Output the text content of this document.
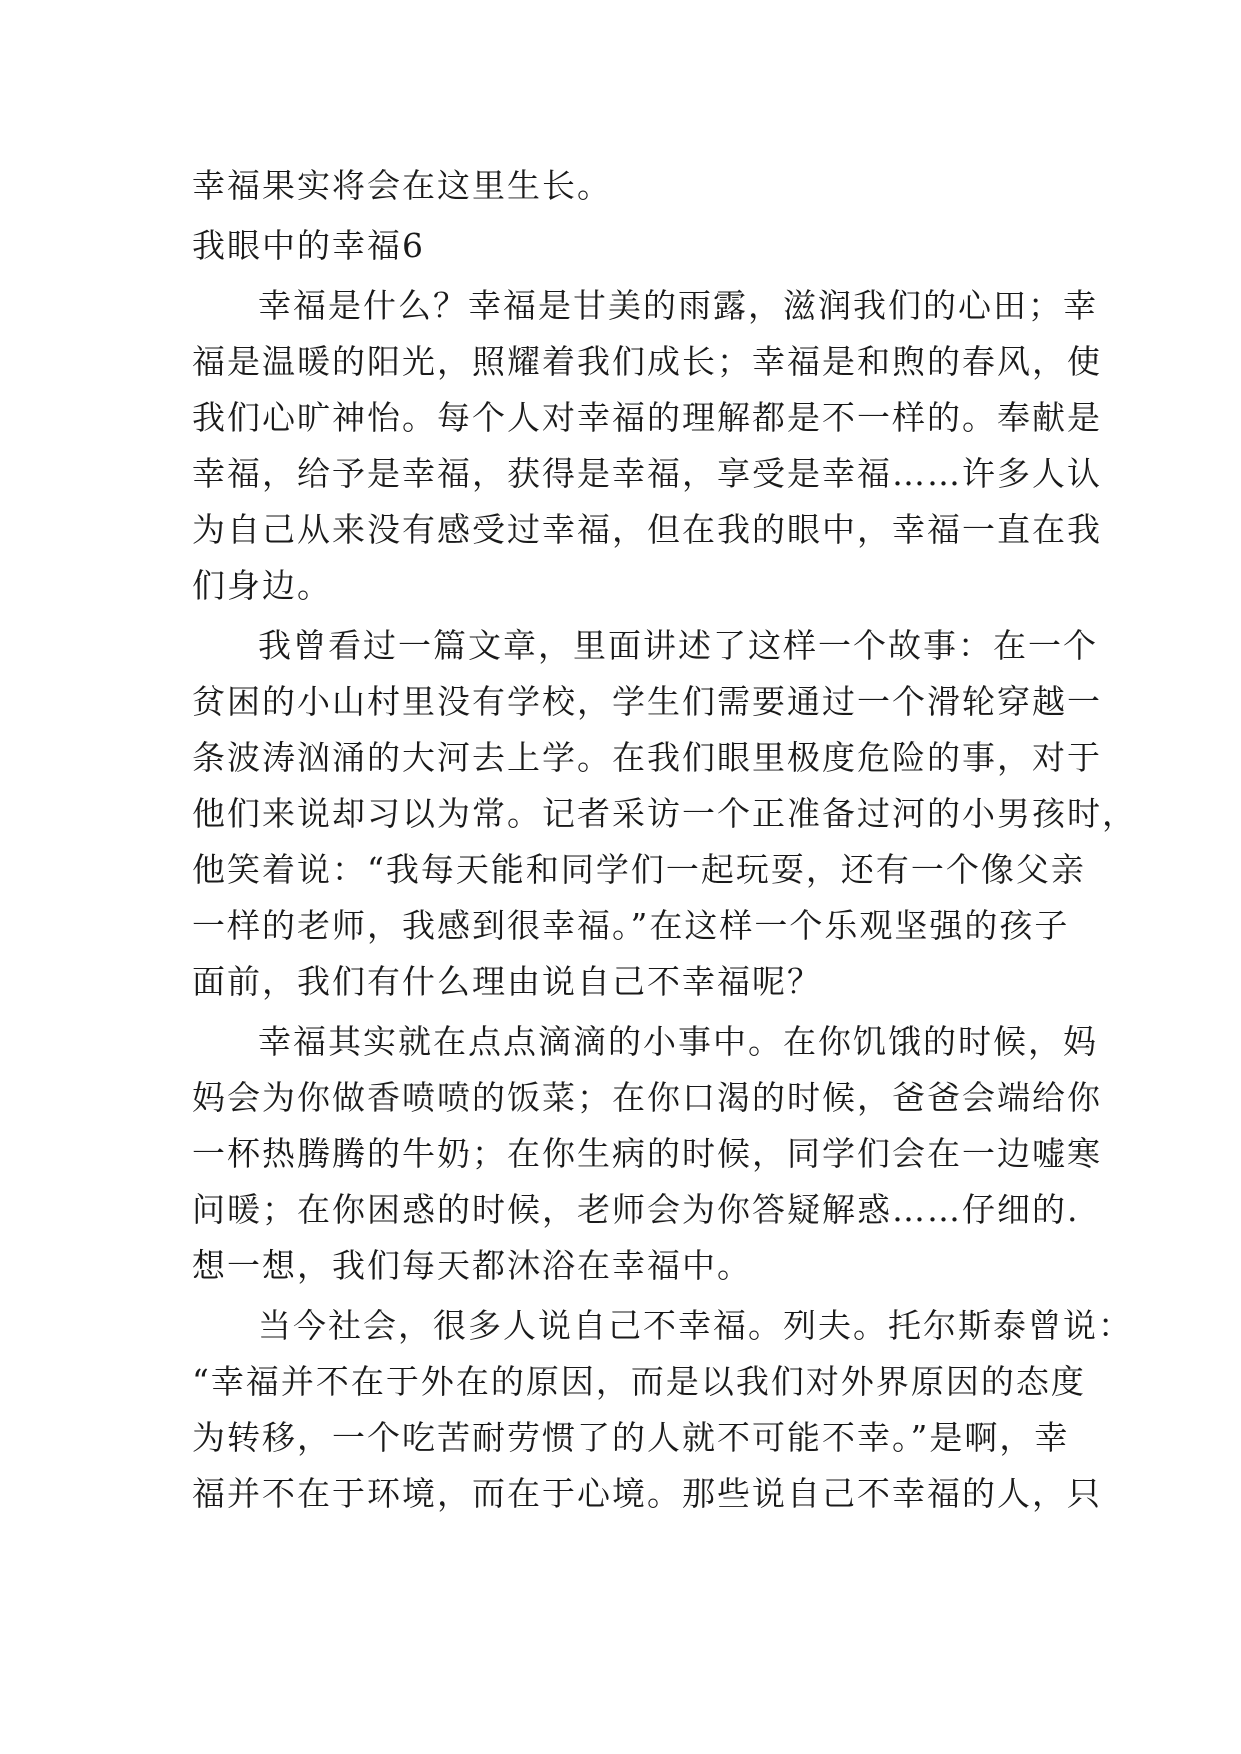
幸福果实将会在这里生长。
我眼中的幸福6
幸福是什么？幸福是甘美的雨露，滋润我们的心田；幸
福是温暖的阳光，照耀着我们成长；幸福是和煦的春风，使
我们心旷神怡。每个人对幸福的理解都是不一样的。奉献是
幸福，给予是幸福，获得是幸福，享受是幸福……许多人认
为自己从来没有感受过幸福，但在我的眼中，幸福一直在我
们身边。
我曾看过一篇文章，里面讲述了这样一个故事：在一个
贫困的小山村里没有学校，学生们需要通过一个滑轮穿越一
条波涛汹涌的大河去上学。在我们眼里极度危险的事，对于
他们来说却习以为常。记者采访一个正准备过河的小男孩时，
他笑着说：“我每天能和同学们一起玩耍，还有一个像父亲
一样的老师，我感到很幸福。”在这样一个乐观坚强的孩子
面前，我们有什么理由说自己不幸福呢？
幸福其实就在点点滴滴的小事中。在你饥饿的时候，妈
妈会为你做香喷喷的饭菜；在你口渴的时候，爸爸会端给你
一杯热腾腾的牛奶；在你生病的时候，同学们会在一边嘘寒
问暖；在你困惑的时候，老师会为你答疑解惑……仔细的.
想一想，我们每天都沐浴在幸福中。
当今社会，很多人说自己不幸福。列夫。托尔斯泰曾说：
“幸福并不在于外在的原因，而是以我们对外界原因的态度
为转移，一个吃苦耐劳惯了的人就不可能不幸。”是啊，幸
福并不在于环境，而在于心境。那些说自己不幸福的人，只
